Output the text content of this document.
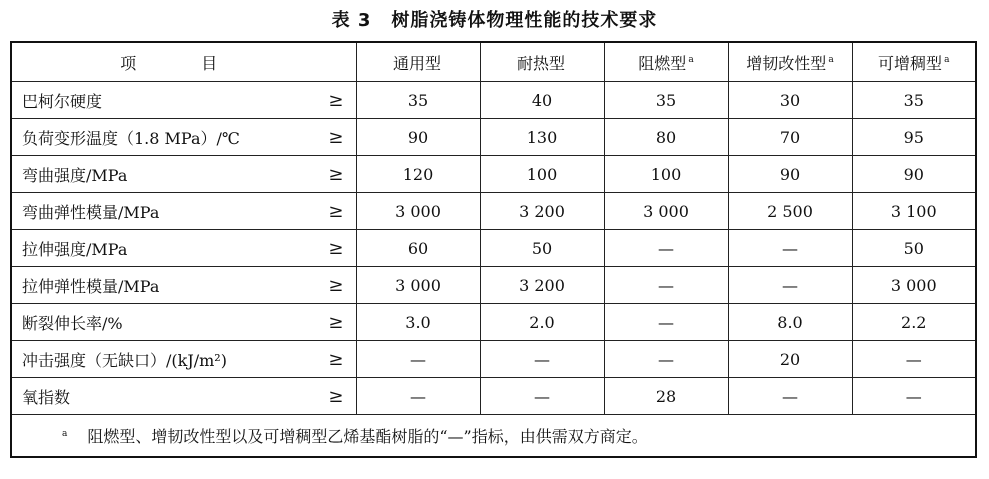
表 3 树脂浇铸体物理性能的技术要求
项 目		通用型	耐热型	阻燃型 $^a$	增韧改性型 $^a$	可增稠型 $^a$
巴柯尔硬度	≥	35	40	35	30	35
负荷变形温度（1.8 MPa）/℃	≥	90	130	80	70	95
弯曲强度/MPa	≥	120	100	100	90	90
弯曲弹性模量/MPa	≥	3 000	3 200	3 000	2 500	3 100
拉伸强度/MPa	≥	60	50	—	—	50
拉伸弹性模量/MPa	≥	3 000	3 200	—	—	3 000
断裂伸长率/%	≥	3.0	2.0	—	8.0	2.2
冲击强度（无缺口）/(kJ/m²)	≥	—	—	—	20	—
氧指数	≥	—	—	28	—	—
$^a$ 阻燃型、增韧改性型以及可增稠型乙烯基酯树脂的“—”指标，由供需双方商定。						
